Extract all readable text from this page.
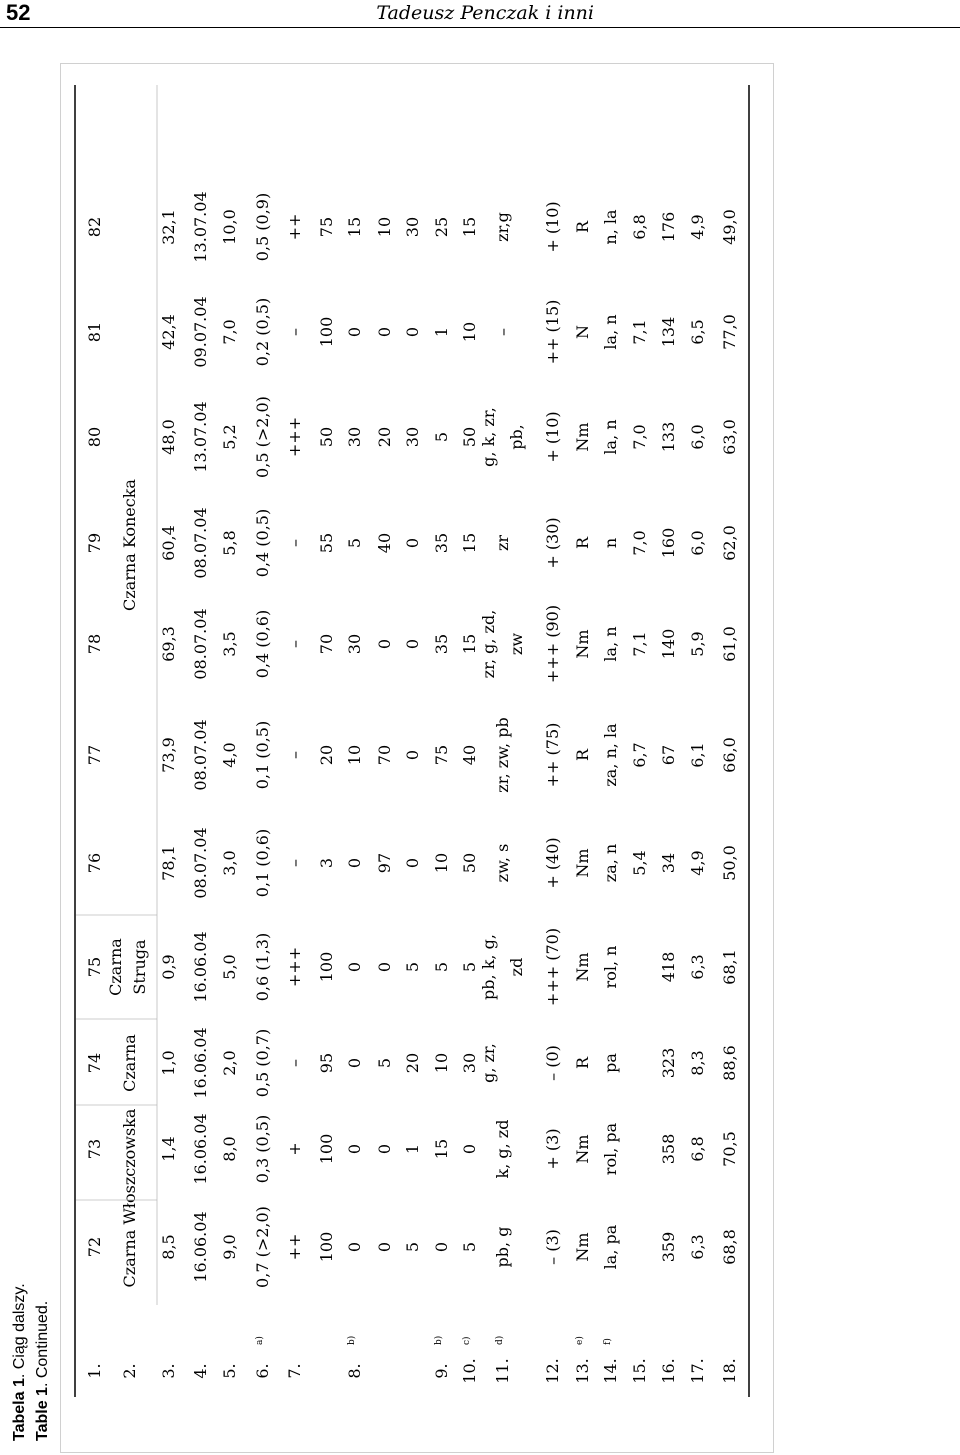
52	Tadeusz Penczak i inni
Tabela 1. Ciąg dalszy.
Table 1. Continued. 1.
72
73
74
75
76
77
78
79
80
81
82
2. 3.
8,5
1,4
1,0
0,9
78,1
73,9
69,3
60,4
48,0
42,4
32,1
4.
16.06.04
16.06.04
16.06.04
16.06.04
08.07.04
08.07.04
08.07.04
08.07.04
13.07.04
09.07.04
13.07.04
5.
9,0
8,0
2,0
5,0
3,0
4,0
3,5
5,8
5,2
7,0
10,0
a)
6.
0,7 (>2,0)
0,3 (0,5)
0,5 (0,7)
0,6 (1,3)
0,1 (0,6)
0,1 (0,5)
0,4 (0,6)
0,4 (0,5)
0,5 (>2,0)
0,2 (0,5)
0,5 (0,9)
7.
++
+
–
+++
–
–
–
–
+++
–
++
100
100
95
100
3
20
70
55
50
100
75
b)
8.
0
0
0
0
0
10
30
5
30
0
15
0
0
5
0
97
70
0
40
20
0
10
5
1
20
5
0
0
0
0
30
0
30
b)
9.
0
15
10
5
10
75
35
35
5
1
25
c)
10.
5
0
30
5
50
40
15
15
50
10
15
d)
11.
pb, g
k, g, zd
g, zr,
pb, k, g, zd
zw, s
zr, zw, pb
zr, g, zd, zw
zr
g, k, zr, pb,
–
zr,g
12.
– (3)
+ (3)
– (0)
+++ (70)
+ (40)
++ (75)
+++ (90)
+ (30)
+ (10)
++ (15)
+ (10)
e)
13.
Nm
Nm
R
Nm
Nm
R
Nm
R
Nm
N
R
f)
14.
la, pa
rol, pa
pa
rol, n
za, n
za, n, la
la, n
n
la, n
la, n
n, la
15.
5,4
6,7
7,1
7,0
7,0
7,1
6,8
16.
359
358
323
418
34
67
140
160
133
134
176
17.
6,3
6,8
8,3
6,3
4,9
6,1
5,9
6,0
6,0
6,5
4,9
18.
68,8
70,5
88,6
68,1
50,0
66,0
61,0
62,0
63,0
77,0
49,0
Czarna Włoszczowska
Czarna
Czarna Struga
Czarna Konecka
